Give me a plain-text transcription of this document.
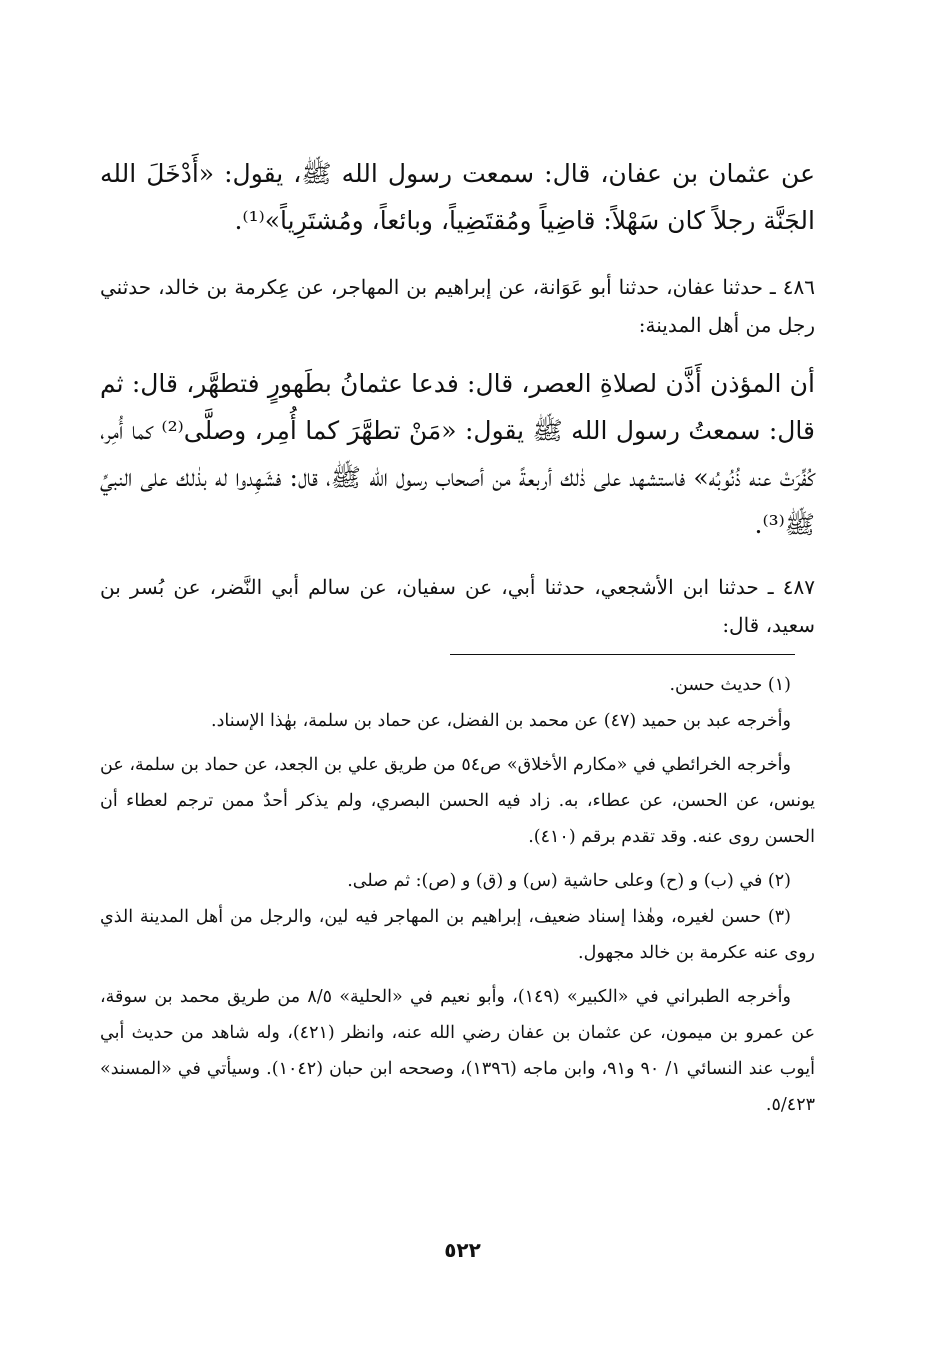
عن عثمان بن عفان، قال: سمعت رسول الله ﷺ، يقول: «أَدْخَلَ الله الجَنَّة رجلاً كان سَهْلاً: قاضِياً ومُقتَضِياً، وبائعاً، ومُشتَرِياً»⁽¹⁾.

٤٨٦ ـ حدثنا عفان، حدثنا أبو عَوَانة، عن إبراهيم بن المهاجر، عن عِكرمة بن خالد، حدثني رجل من أهل المدينة:

أن المؤذن أَذَّن لصلاةِ العصر، قال: فدعا عثمانُ بطَهورٍ فتطهَّر، قال: ثم قال: سمعتُ رسول الله ﷺ يقول: «مَنْ تطهَّرَ كما أُمِر، وصلَّى⁽²⁾ كما أُمِر، كُفِّرَتْ عنه ذُنُوبُه» فاستشهد على ذٰلك أربعةً من أصحاب رسول الله ﷺ، قال: فشَهِدوا له بذٰلك على النبيِّ ﷺ⁽³⁾.

٤٨٧ ـ حدثنا ابن الأشجعي، حدثنا أبي، عن سفيان، عن سالم أبي النَّضر، عن بُسر بن سعيد، قال:

(١) حديث حسن.

وأخرجه عبد بن حميد (٤٧) عن محمد بن الفضل، عن حماد بن سلمة، بهٰذا الإسناد.

وأخرجه الخرائطي في «مكارم الأخلاق» ص٥٤ من طريق علي بن الجعد، عن حماد بن سلمة، عن يونس، عن الحسن، عن عطاء، به. زاد فيه الحسن البصري، ولم يذكر أحدٌ ممن ترجم لعطاء أن الحسن روى عنه. وقد تقدم برقم (٤١٠).

(٢) في (ب) و (ح) وعلى حاشية (س) و (ق) و (ص): ثم صلى.

(٣) حسن لغيره، وهٰذا إسناد ضعيف، إبراهيم بن المهاجر فيه لين، والرجل من أهل المدينة الذي روى عنه عكرمة بن خالد مجهول.

وأخرجه الطبراني في «الكبير» (١٤٩)، وأبو نعيم في «الحلية» ٨/٥ من طريق محمد بن سوقة، عن عمرو بن ميمون، عن عثمان بن عفان رضي الله عنه، وانظر (٤٢١)، وله شاهد من حديث أبي أيوب عند النسائي ١/ ٩٠ و٩١، وابن ماجه (١٣٩٦)، وصححه ابن حبان (١٠٤٢). وسيأتي في «المسند» ٥/٤٢٣.

٥٢٢
